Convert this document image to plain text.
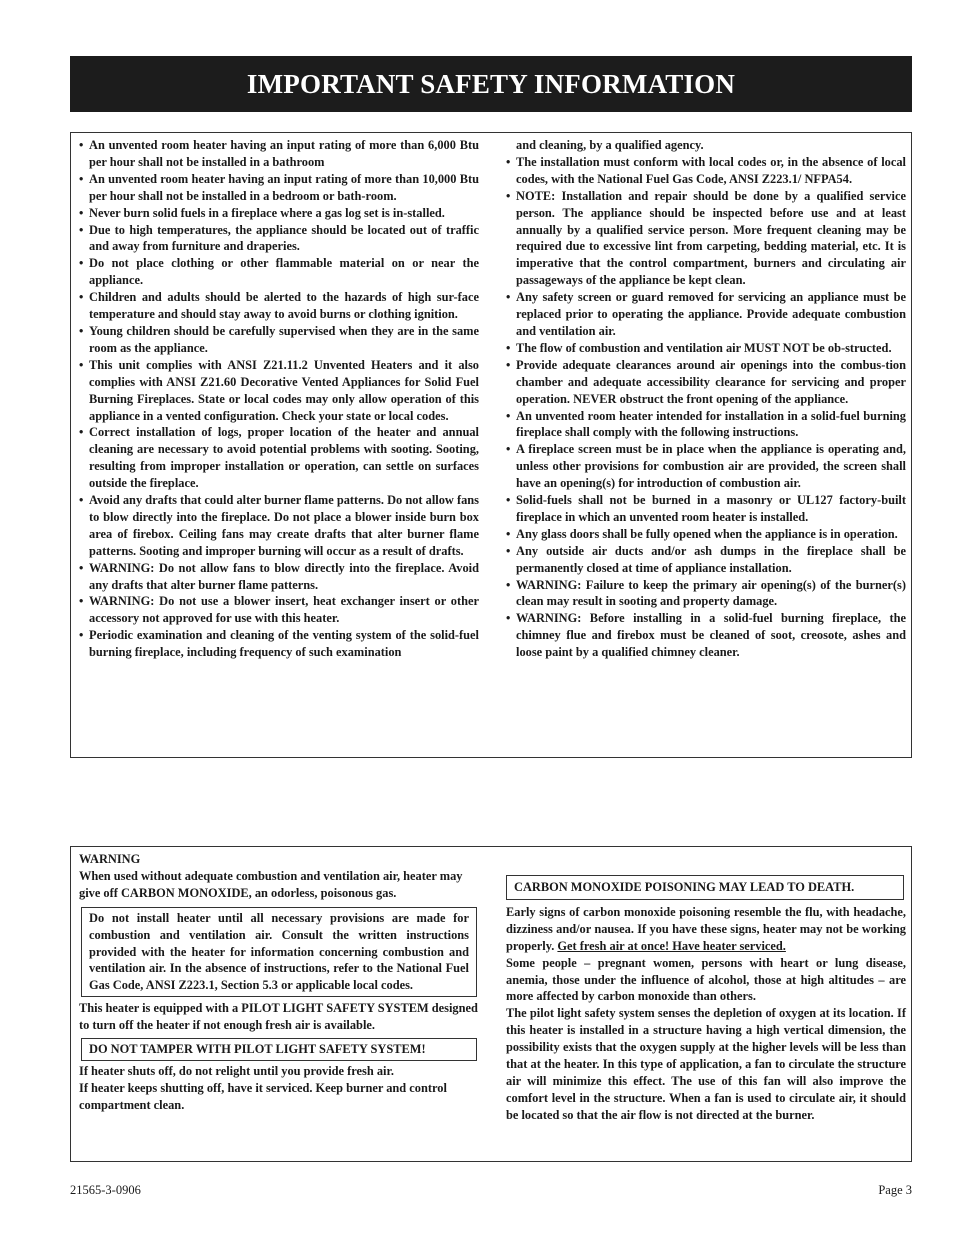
IMPORTANT SAFETY INFORMATION
• An unvented room heater having an input rating of more than 6,000 Btu per hour shall not be installed in a bathroom
• An unvented room heater having an input rating of more than 10,000 Btu per hour shall not be installed in a bedroom or bath-room.
• Never burn solid fuels in a fireplace where a gas log set is in-stalled.
• Due to high temperatures, the appliance should be located out of traffic and away from furniture and draperies.
• Do not place clothing or other flammable material on or near the appliance.
• Children and adults should be alerted to the hazards of high sur-face temperature and should stay away to avoid burns or clothing ignition.
• Young children should be carefully supervised when they are in the same room as the appliance.
• This unit complies with ANSI Z21.11.2 Unvented Heaters and it also complies with ANSI Z21.60 Decorative Vented Appliances for Solid Fuel Burning Fireplaces. State or local codes may only allow operation of this appliance in a vented configuration. Check your state or local codes.
• Correct installation of logs, proper location of the heater and annual cleaning are necessary to avoid potential problems with sooting. Sooting, resulting from improper installation or operation, can settle on surfaces outside the fireplace.
• Avoid any drafts that could alter burner flame patterns. Do not allow fans to blow directly into the fireplace. Do not place a blower inside burn box area of firebox. Ceiling fans may create drafts that alter burner flame patterns. Sooting and improper burning will occur as a result of drafts.
• WARNING: Do not allow fans to blow directly into the fireplace. Avoid any drafts that alter burner flame patterns.
• WARNING: Do not use a blower insert, heat exchanger insert or other accessory not approved for use with this heater.
• Periodic examination and cleaning of the venting system of the solid-fuel burning fireplace, including frequency of such examination

and cleaning, by a qualified agency.

• The installation must conform with local codes or, in the absence of local codes, with the National Fuel Gas Code, ANSI Z223.1/ NFPA54.
• NOTE: Installation and repair should be done by a qualified service person. The appliance should be inspected before use and at least annually by a qualified service person. More frequent cleaning may be required due to excessive lint from carpeting, bedding material, etc. It is imperative that the control compartment, burners and circulating air passageways of the appliance be kept clean.
• Any safety screen or guard removed for servicing an appliance must be replaced prior to operating the appliance. Provide adequate combustion and ventilation air.
• The flow of combustion and ventilation air MUST NOT be ob-structed.
• Provide adequate clearances around air openings into the combus-tion chamber and adequate accessibility clearance for servicing and proper operation. NEVER obstruct the front opening of the appliance.
• An unvented room heater intended for installation in a solid-fuel burning fireplace shall comply with the following instructions.
• A fireplace screen must be in place when the appliance is operating and, unless other provisions for combustion air are provided, the screen shall have an opening(s) for introduction of combustion air.
• Solid-fuels shall not be burned in a masonry or UL127 factory-built fireplace in which an unvented room heater is installed.
• Any glass doors shall be fully opened when the appliance is in operation.
• Any outside air ducts and/or ash dumps in the fireplace shall be permanently closed at time of appliance installation.
• WARNING: Failure to keep the primary air opening(s) of the burner(s) clean may result in sooting and property damage.
• WARNING: Before installing in a solid-fuel burning fireplace, the chimney flue and firebox must be cleaned of soot, creosote, ashes and loose paint by a qualified chimney cleaner.

WARNING

When used without adequate combustion and ventilation air, heater may give off CARBON MONOXIDE, an odorless, poisonous gas.

Do not install heater until all necessary provisions are made for combustion and ventilation air. Consult the written instructions provided with the heater for information concerning combustion and ventilation air. In the absence of instructions, refer to the National Fuel Gas Code, ANSI Z223.1, Section 5.3 or applicable local codes.

This heater is equipped with a PILOT LIGHT SAFETY SYSTEM designed to turn off the heater if not enough fresh air is available.

DO NOT TAMPER WITH PILOT LIGHT SAFETY SYSTEM!

If heater shuts off, do not relight until you provide fresh air.

If heater keeps shutting off, have it serviced. Keep burner and control compartment clean.

CARBON MONOXIDE POISONING MAY LEAD TO DEATH.

Early signs of carbon monoxide poisoning resemble the flu, with headache, dizziness and/or nausea. If you have these signs, heater may not be working properly. Get fresh air at once! Have heater serviced.

Some people – pregnant women, persons with heart or lung disease, anemia, those under the influence of alcohol, those at high altitudes – are more affected by carbon monoxide than others.

The pilot light safety system senses the depletion of oxygen at its location. If this heater is installed in a structure having a high vertical dimension, the possibility exists that the oxygen supply at the higher levels will be less than that at the heater. In this type of application, a fan to circulate the structure air will minimize this effect. The use of this fan will also improve the comfort level in the structure. When a fan is used to circulate air, it should be located so that the air flow is not directed at the burner.

21565-3-0906	Page 3
